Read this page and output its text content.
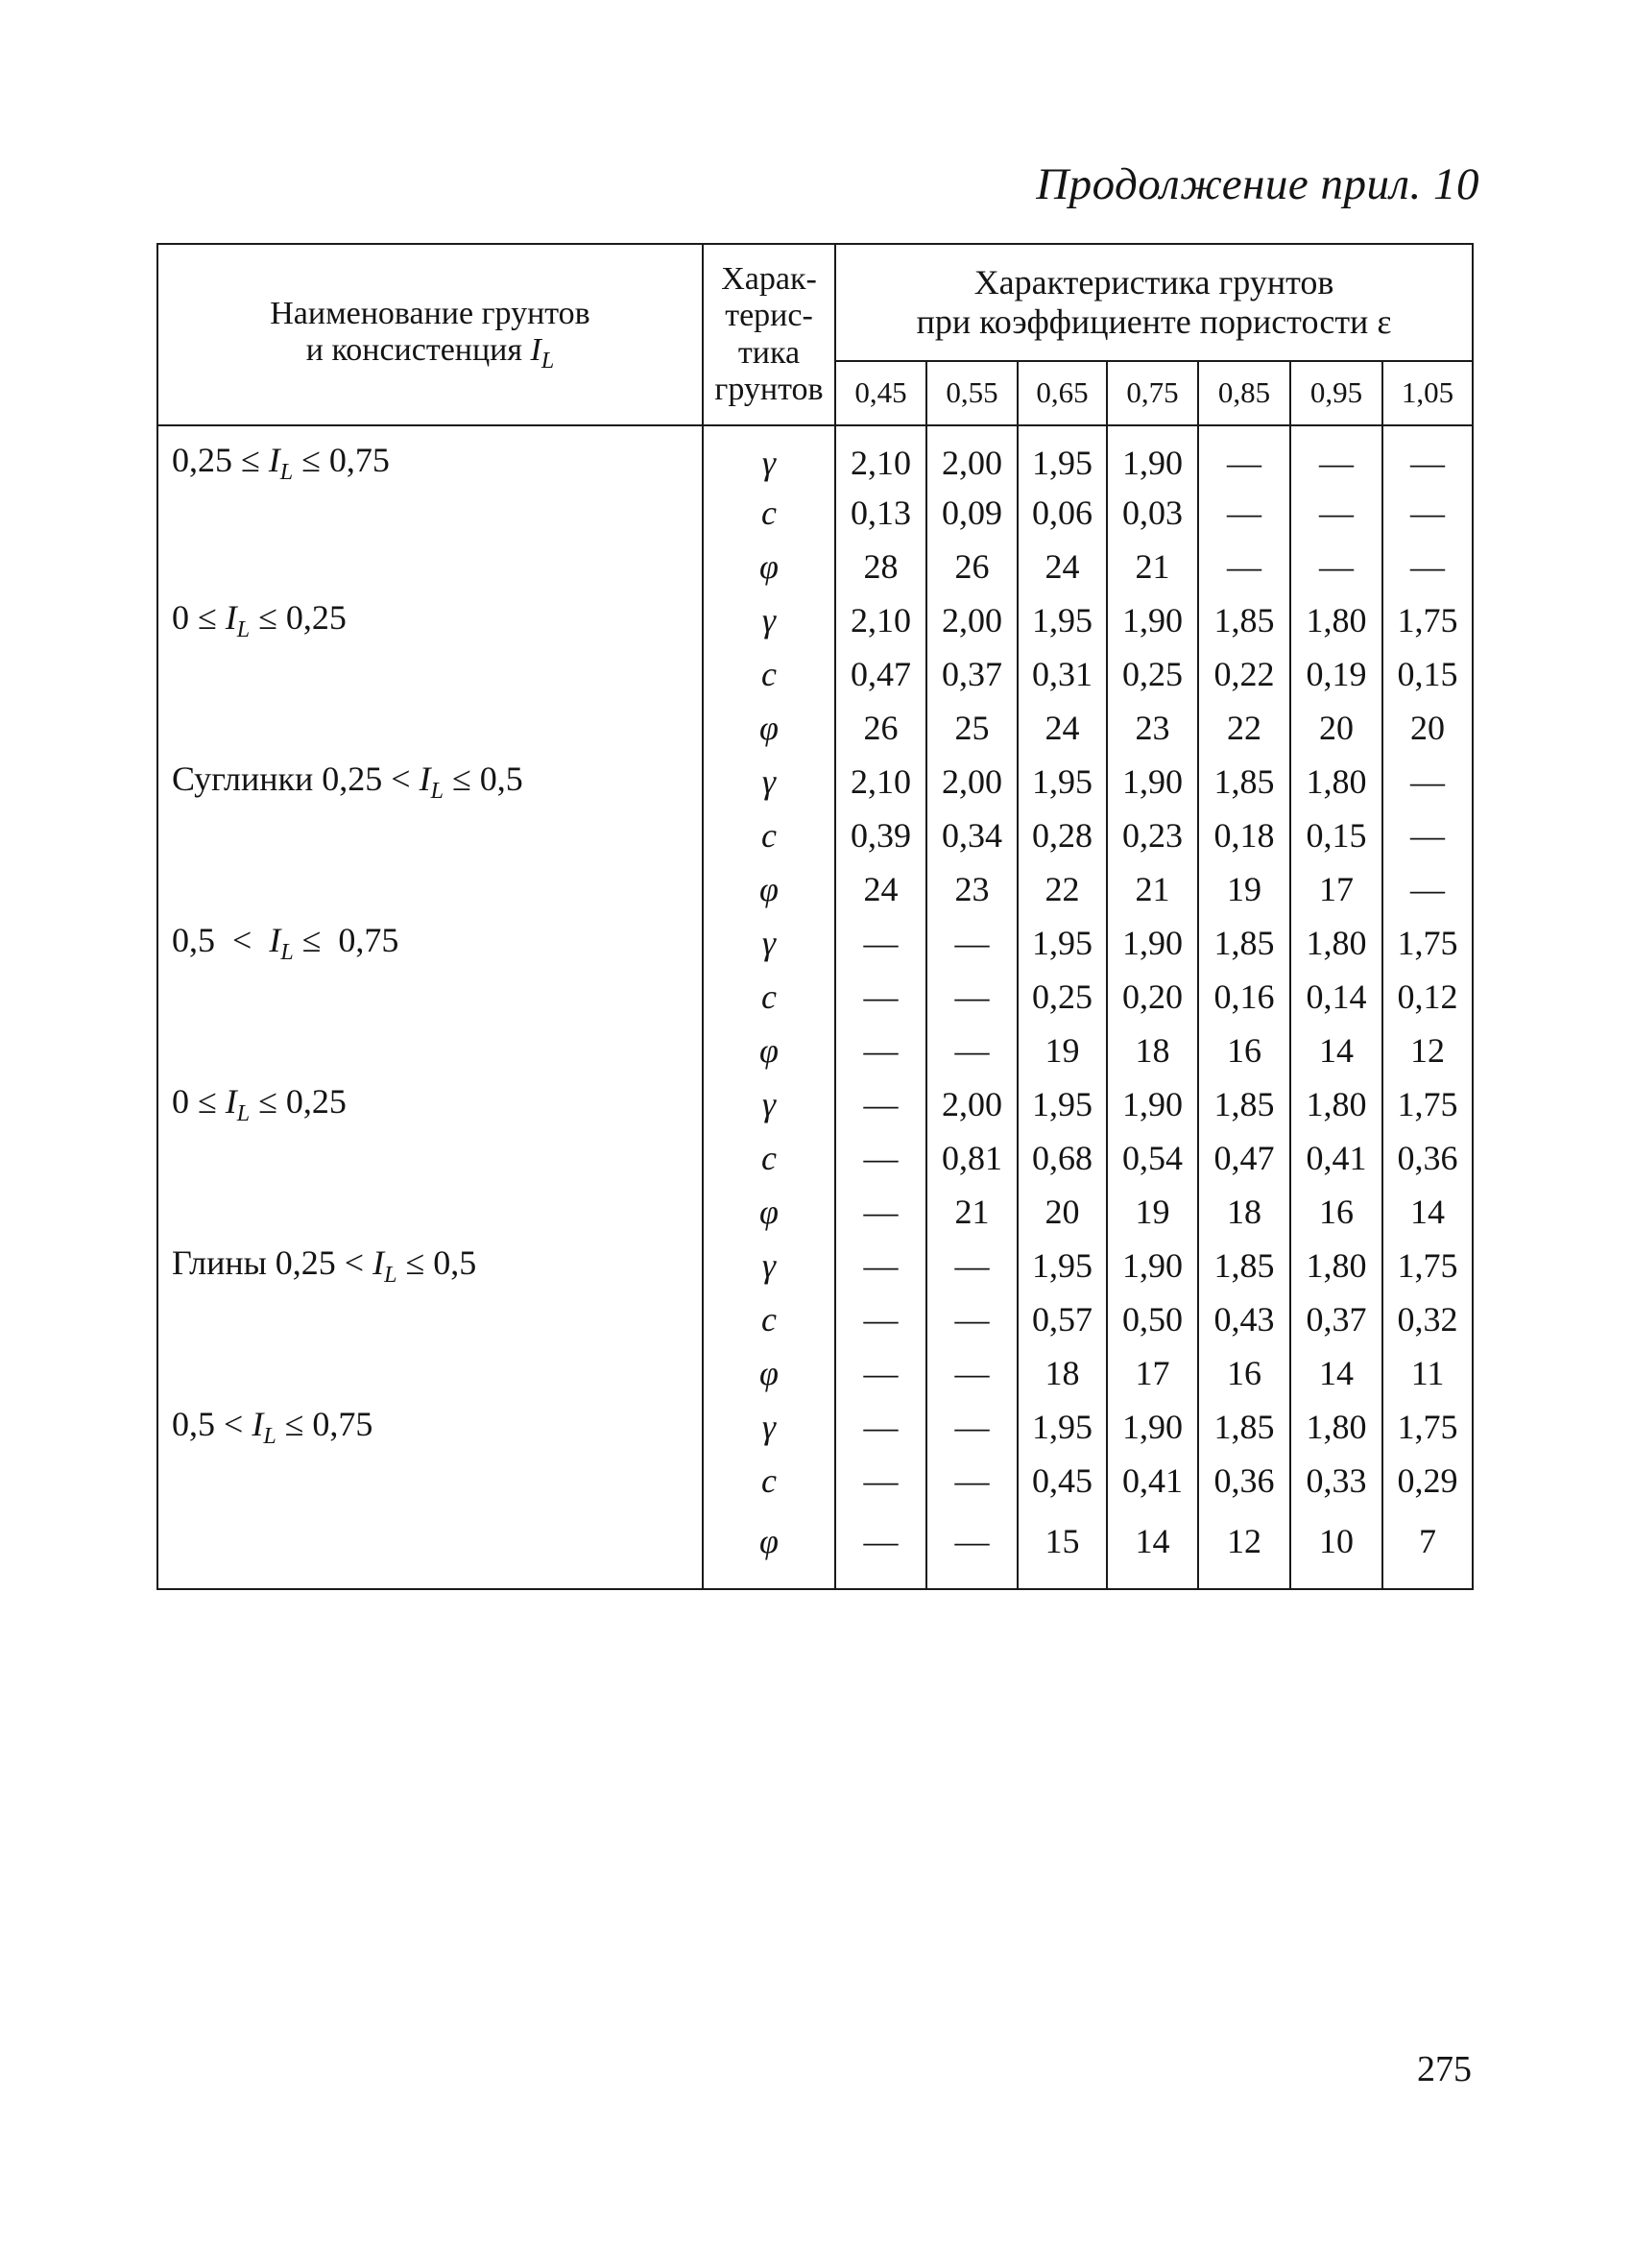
Продолжение прил. 10
Наименование грунтов
и консистенция $I_L$	Харак-
терис-
тика
грунтов	Характеристика грунтов
при коэффициенте пористости ε						
		0,45	0,55	0,65	0,75	0,85	0,95	1,05
$0,25 \le I_L \le 0,75$	γ	2,10	2,00	1,95	1,90	—	—	—
	c	0,13	0,09	0,06	0,03	—	—	—
	φ	28	26	24	21	—	—	—
$0 \le I_L \le 0,25$	γ	2,10	2,00	1,95	1,90	1,85	1,80	1,75
	c	0,47	0,37	0,31	0,25	0,22	0,19	0,15
	φ	26	25	24	23	22	20	20
Суглинки $0,25 < I_L \le 0,5$	γ	2,10	2,00	1,95	1,90	1,85	1,80	—
	c	0,39	0,34	0,28	0,23	0,18	0,15	—
	φ	24	23	22	21	19	17	—
$0,5 < I_L \le 0,75$	γ	—	—	1,95	1,90	1,85	1,80	1,75
	c	—	—	0,25	0,20	0,16	0,14	0,12
	φ	—	—	19	18	16	14	12
$0 \le I_L \le 0,25$	γ	—	2,00	1,95	1,90	1,85	1,80	1,75
	c	—	0,81	0,68	0,54	0,47	0,41	0,36
	φ	—	21	20	19	18	16	14
Глины $0,25 < I_L \le 0,5$	γ	—	—	1,95	1,90	1,85	1,80	1,75
	c	—	—	0,57	0,50	0,43	0,37	0,32
	φ	—	—	18	17	16	14	11
$0,5 < I_L \le 0,75$	γ	—	—	1,95	1,90	1,85	1,80	1,75
	c	—	—	0,45	0,41	0,36	0,33	0,29
	φ	—	—	15	14	12	10	7
275
